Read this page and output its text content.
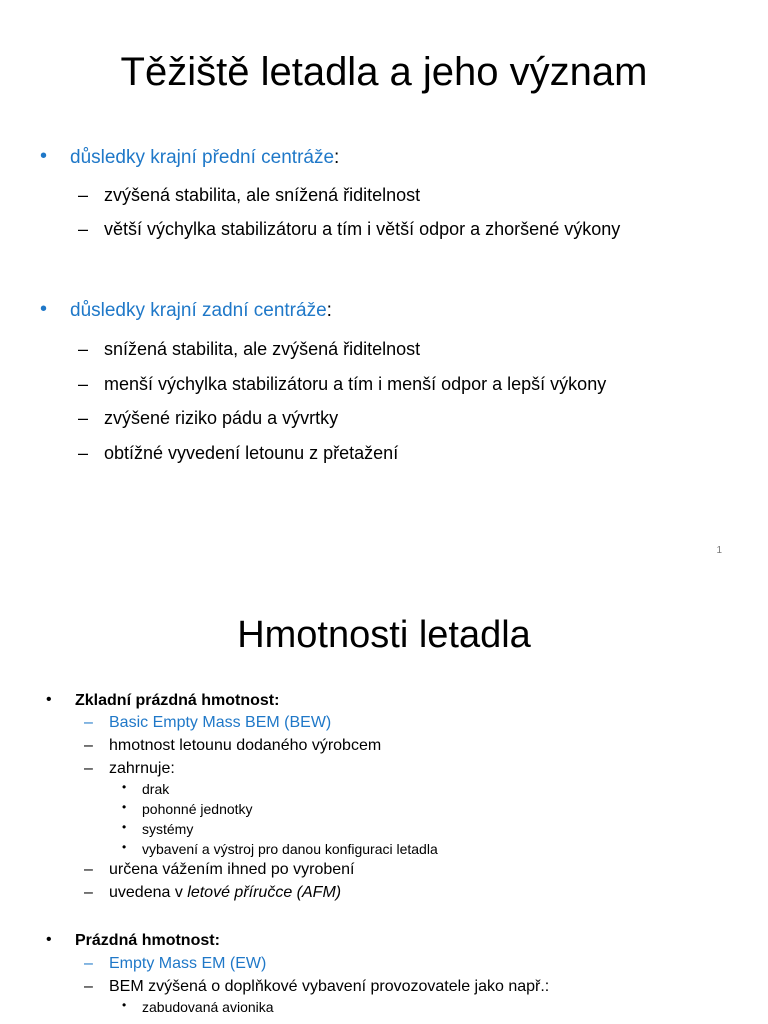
Těžiště letadla a jeho význam
• důsledky krajní přední centráže:
– zvýšená stabilita, ale snížená řiditelnost
– větší výchylka stabilizátoru a tím i větší odpor a zhoršené výkony
• důsledky krajní zadní centráže:
– snížená stabilita, ale zvýšená řiditelnost
– menší výchylka stabilizátoru a tím i menší odpor a lepší výkony
– zvýšené riziko pádu a vývrtky
– obtížné vyvedení letounu z přetažení
1
Hmotnosti letadla
• Zkladní prázdná hmotnost:
– Basic Empty Mass BEM (BEW)
– hmotnost letounu dodaného výrobcem
– zahrnuje:
• drak
• pohonné jednotky
• systémy
• vybavení a výstroj pro danou konfiguraci letadla
– určena vážením ihned po vyrobení
– uvedena v letové příručce (AFM)
• Prázdná hmotnost:
– Empty Mass EM (EW)
– BEM zvýšená o doplňkové vybavení provozovatele jako např.:
• zabudovaná avionika
